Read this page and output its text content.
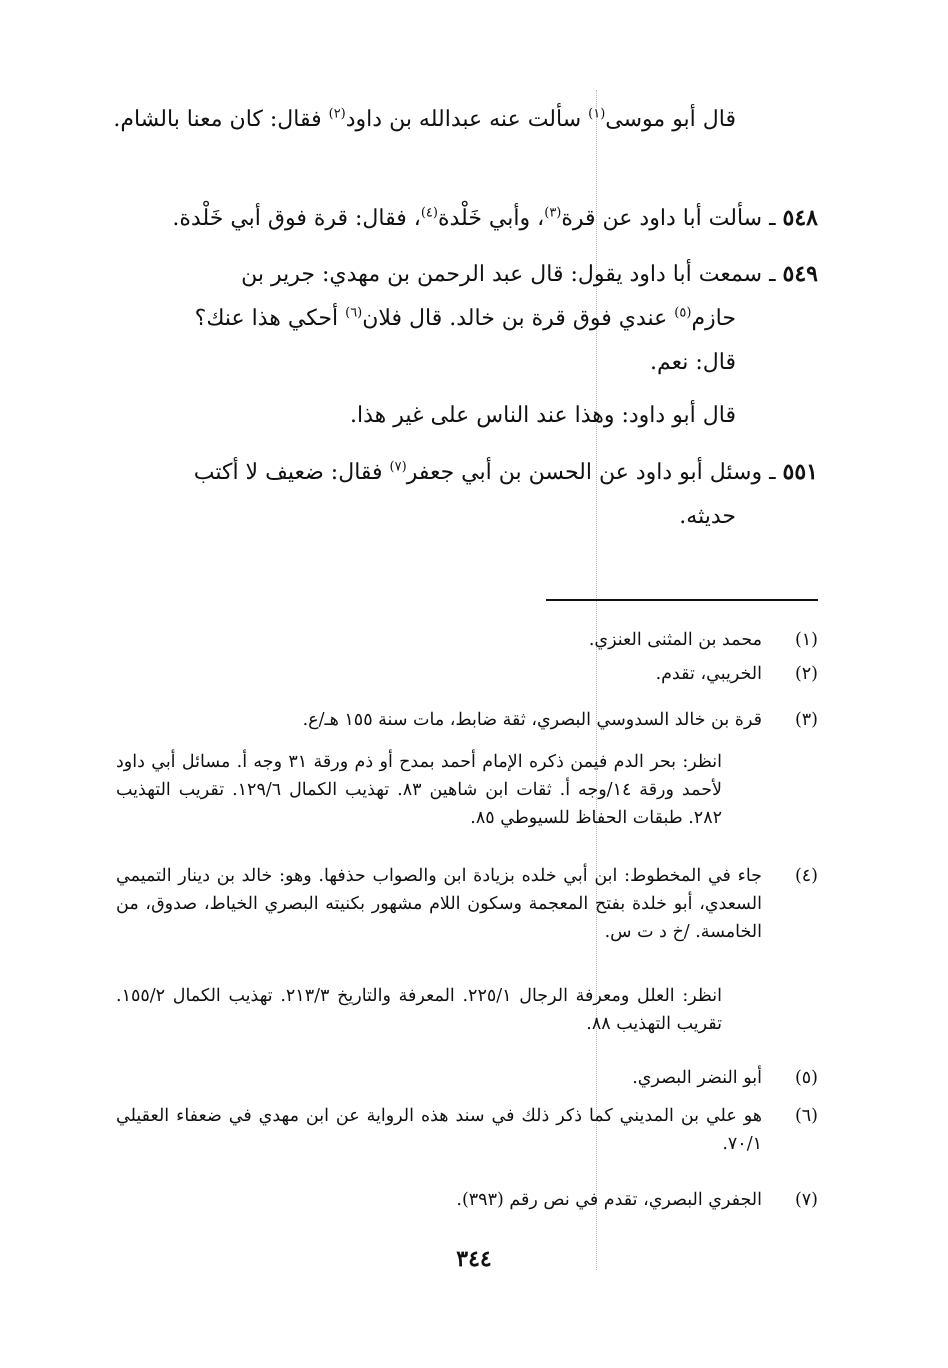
قال أبو موسى$^{(١)}$ سألت عنه عبدالله بن داود$^{(٢)}$ فقال: كان معنا بالشام.
٥٤٨ ـ سألت أبا داود عن قرة$^{(٣)}$، وأبي خَلْدة$^{(٤)}$، فقال: قرة فوق أبي خَلْدة.
٥٤٩ ـ سمعت أبا داود يقول: قال عبد الرحمن بن مهدي: جرير بن
حازم$^{(٥)}$ عندي فوق قرة بن خالد. قال فلان$^{(٦)}$ أحكي هذا عنك؟
قال: نعم.
قال أبو داود: وهذا عند الناس على غير هذا.
٥٥١ ـ وسئل أبو داود عن الحسن بن أبي جعفر$^{(٧)}$ فقال: ضعيف لا أكتب
حديثه.
(١)
محمد بن المثنى العنزي.
(٢)
الخريبي، تقدم.
(٣)
قرة بن خالد السدوسي البصري، ثقة ضابط، مات سنة ١٥٥ هـ/ع.
انظر: بحر الدم فيمن ذكره الإمام أحمد بمدح أو ذم ورقة ٣١ وجه أ. مسائل أبي داود لأحمد ورقة ١٤/وجه أ. ثقات ابن شاهين ٨٣. تهذيب الكمال ١٢٩/٦. تقريب التهذيب ٢٨٢. طبقات الحفاظ للسيوطي ٨٥.
(٤)
جاء في المخطوط: ابن أبي خلده بزيادة ابن والصواب حذفها. وهو: خالد بن دينار التميمي السعدي، أبو خلدة بفتح المعجمة وسكون اللام مشهور بكنيته البصري الخياط، صدوق، من الخامسة. /خ د ت س.
انظر: العلل ومعرفة الرجال ٢٢٥/١. المعرفة والتاريخ ٢١٣/٣. تهذيب الكمال ١٥٥/٢. تقريب التهذيب ٨٨.
(٥)
أبو النضر البصري.
(٦)
هو علي بن المديني كما ذكر ذلك في سند هذه الرواية عن ابن مهدي في ضعفاء العقيلي ٧٠/١.
(٧)
الجفري البصري، تقدم في نص رقم (٣٩٣).
٣٤٤
